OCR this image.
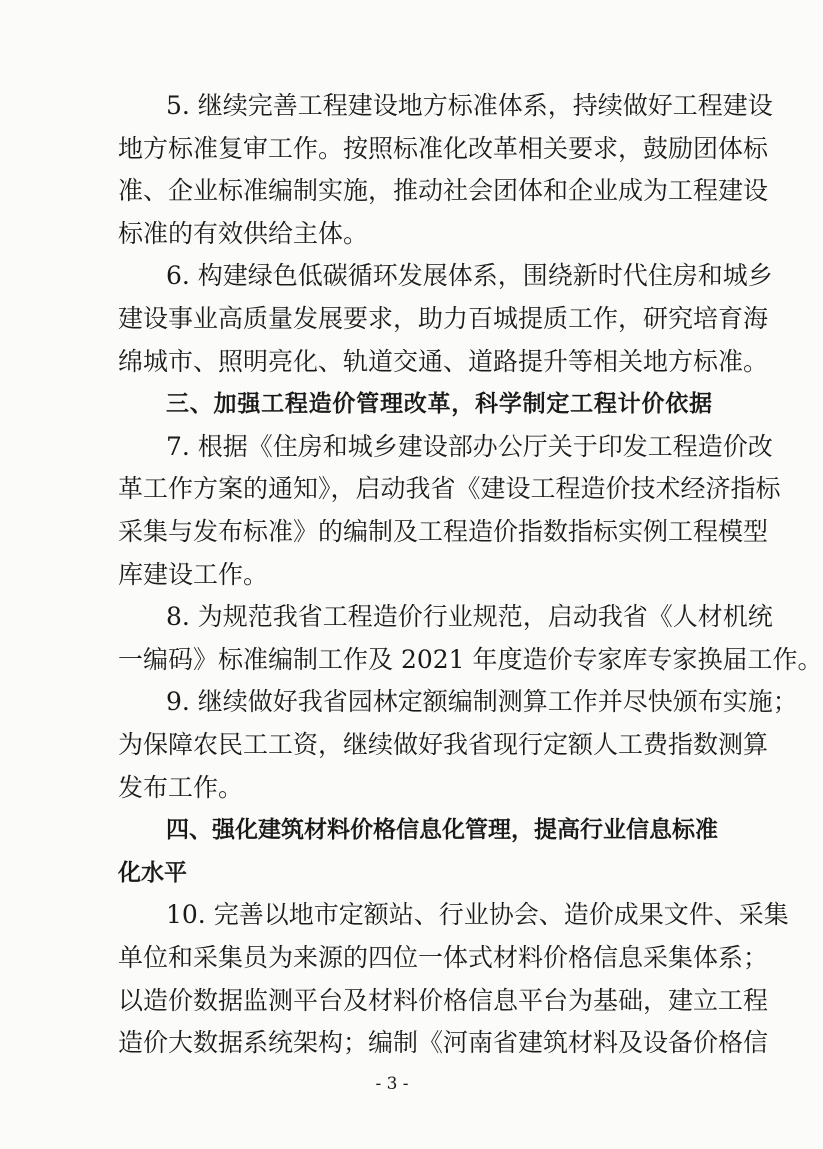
5. 继续完善工程建设地方标准体系，持续做好工程建设
地方标准复审工作。按照标准化改革相关要求，鼓励团体标
准、企业标准编制实施，推动社会团体和企业成为工程建设
标准的有效供给主体。
6. 构建绿色低碳循环发展体系，围绕新时代住房和城乡
建设事业高质量发展要求，助力百城提质工作，研究培育海
绵城市、照明亮化、轨道交通、道路提升等相关地方标准。
三、加强工程造价管理改革，科学制定工程计价依据
7. 根据《住房和城乡建设部办公厅关于印发工程造价改
革工作方案的通知》，启动我省《建设工程造价技术经济指标
采集与发布标准》的编制及工程造价指数指标实例工程模型
库建设工作。
8. 为规范我省工程造价行业规范，启动我省《人材机统
一编码》标准编制工作及 2021 年度造价专家库专家换届工作。
9. 继续做好我省园林定额编制测算工作并尽快颁布实施；
为保障农民工工资，继续做好我省现行定额人工费指数测算
发布工作。
四、强化建筑材料价格信息化管理，提高行业信息标准
化水平
10. 完善以地市定额站、行业协会、造价成果文件、采集
单位和采集员为来源的四位一体式材料价格信息采集体系；
以造价数据监测平台及材料价格信息平台为基础，建立工程
造价大数据系统架构；编制《河南省建筑材料及设备价格信
- 3 -
